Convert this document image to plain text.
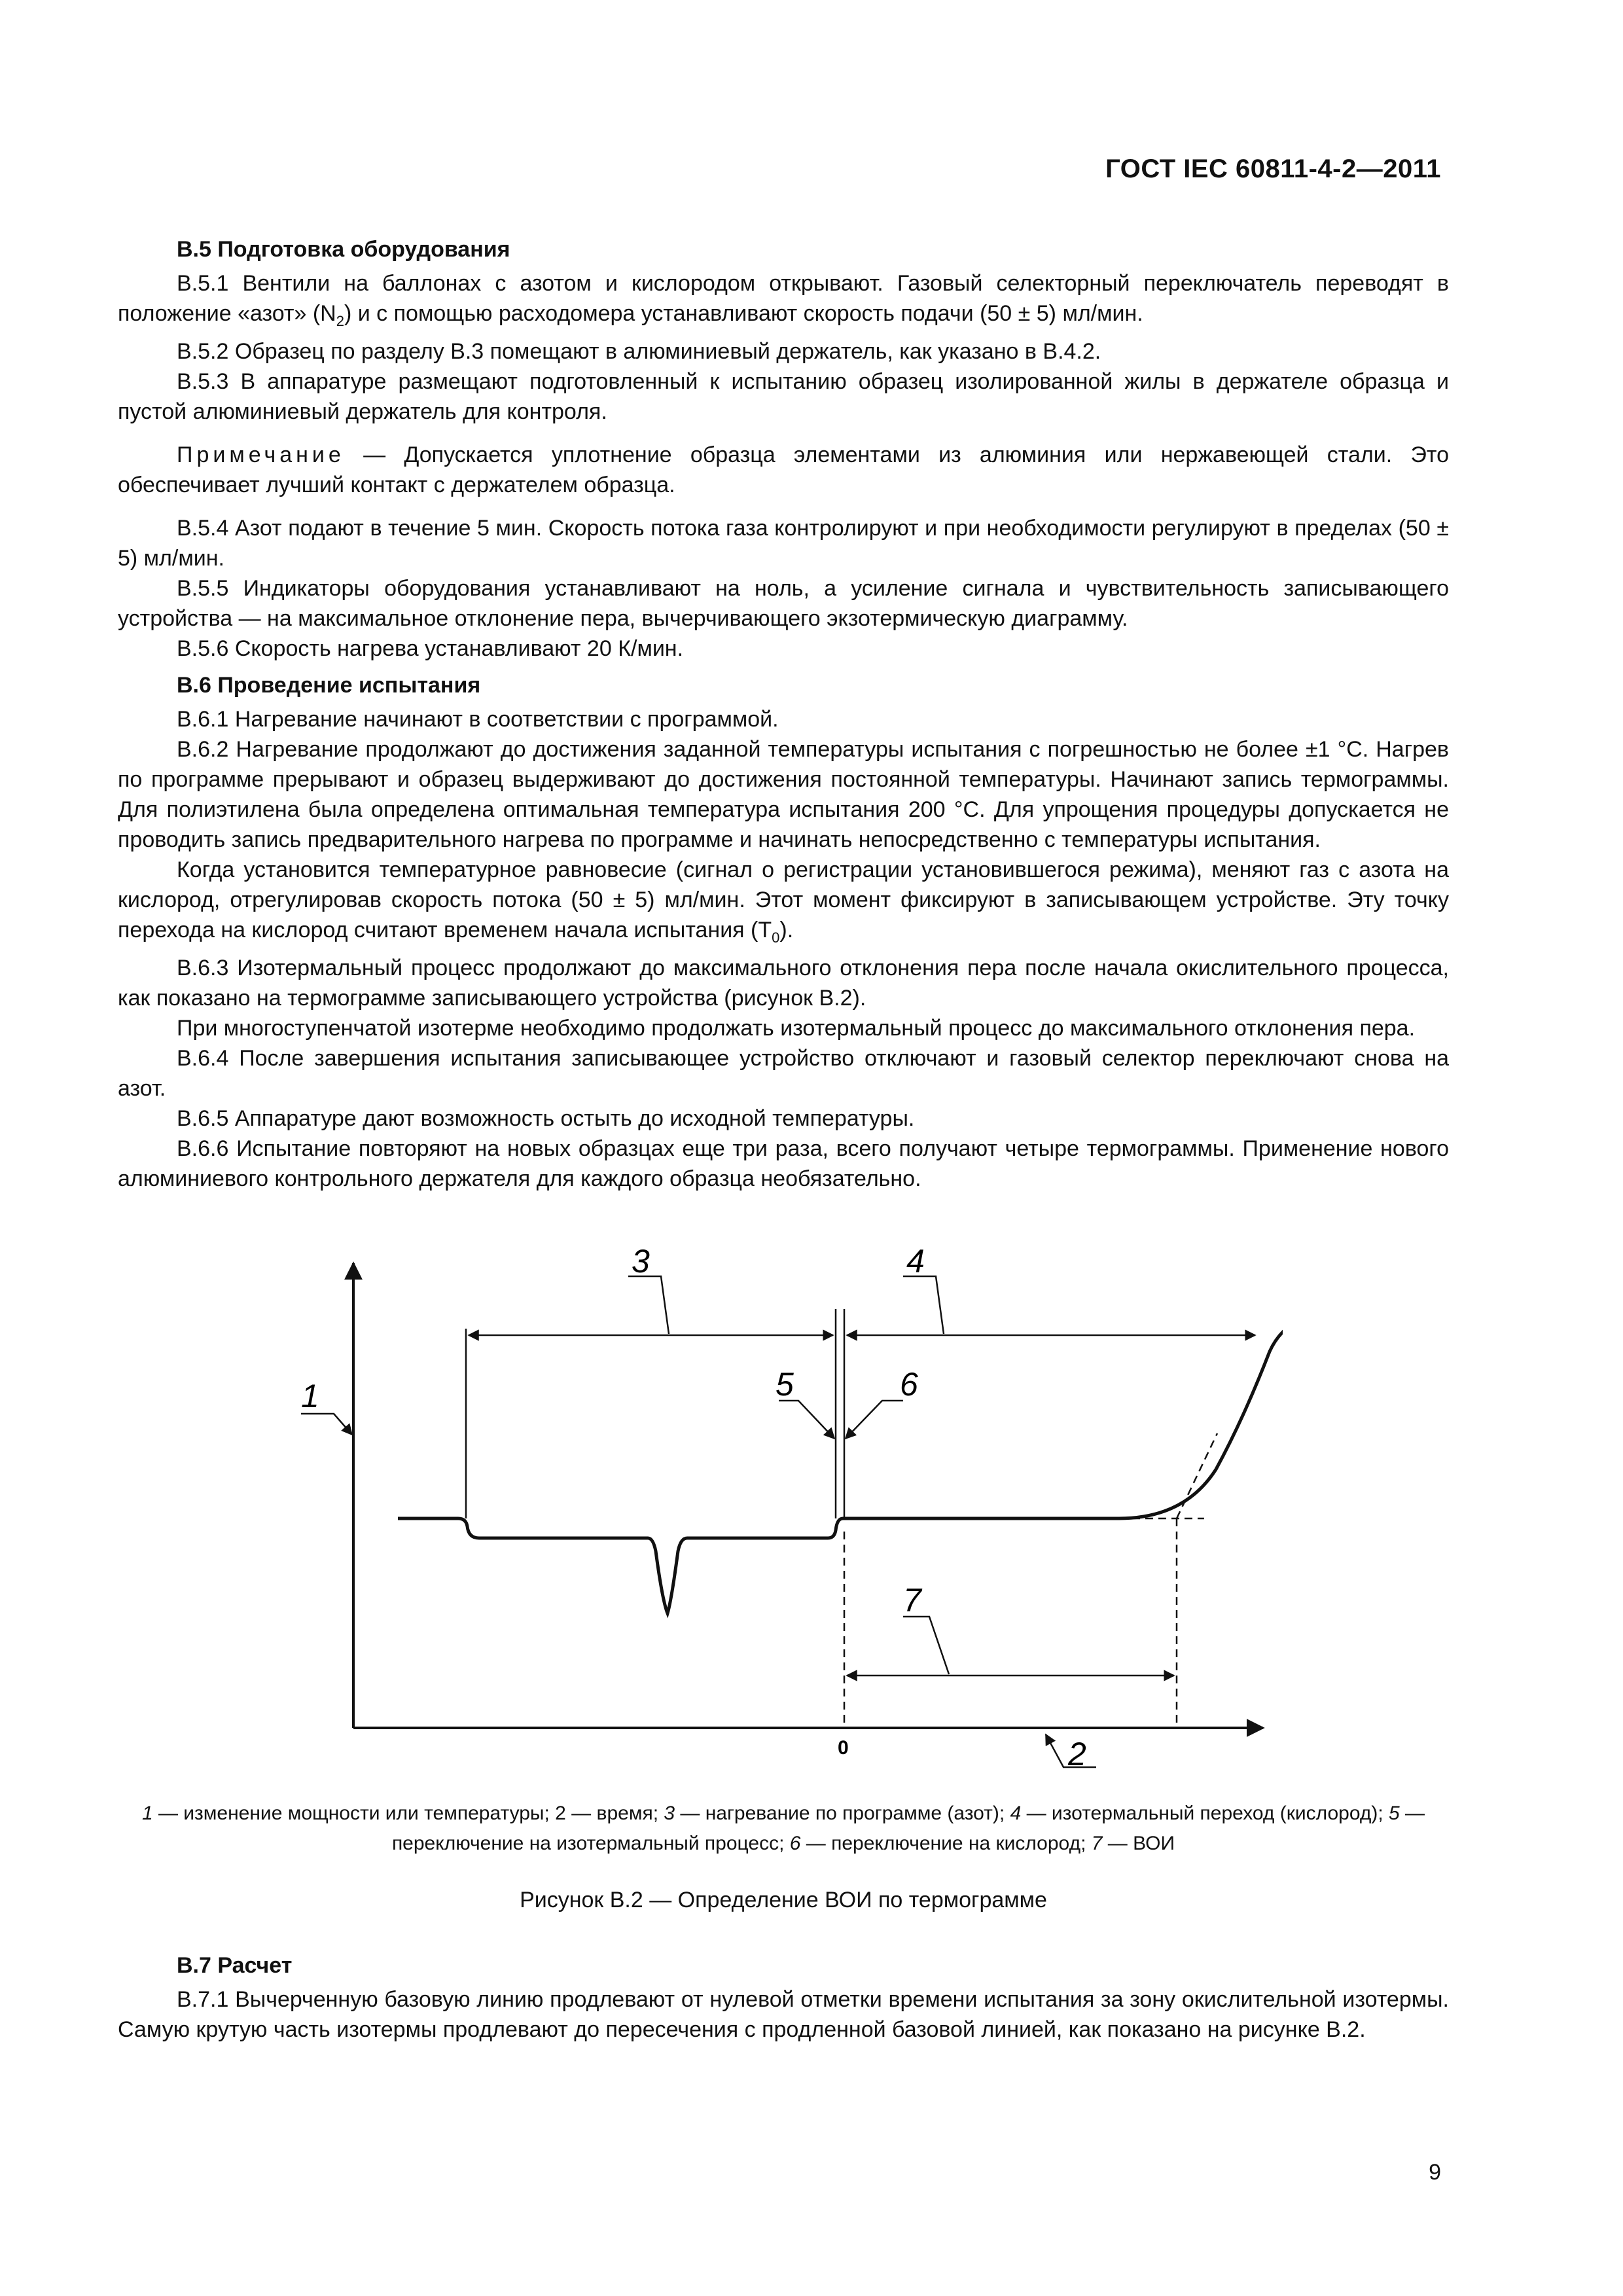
ГОСТ IEC 60811-4-2—2011

В.5 Подготовка оборудования

В.5.1 Вентили на баллонах с азотом и кислородом открывают. Газовый селекторный переключатель переводят в положение «азот» $(N_2)$ и с помощью расходомера устанавливают скорость подачи (50 ± 5) мл/мин.

В.5.2 Образец по разделу В.3 помещают в алюминиевый держатель, как указано в В.4.2.

В.5.3 В аппаратуре размещают подготовленный к испытанию образец изолированной жилы в держателе образца и пустой алюминиевый держатель для контроля.

Примечание — Допускается уплотнение образца элементами из алюминия или нержавеющей стали. Это обеспечивает лучший контакт с держателем образца.

В.5.4 Азот подают в течение 5 мин. Скорость потока газа контролируют и при необходимости регулируют в пределах (50 ± 5) мл/мин.

В.5.5 Индикаторы оборудования устанавливают на ноль, а усиление сигнала и чувствительность записывающего устройства — на максимальное отклонение пера, вычерчивающего экзотермическую диаграмму.

В.5.6 Скорость нагрева устанавливают 20 К/мин.

В.6 Проведение испытания

В.6.1 Нагревание начинают в соответствии с программой.

В.6.2 Нагревание продолжают до достижения заданной температуры испытания с погрешностью не более ±1 °С. Нагрев по программе прерывают и образец выдерживают до достижения постоянной температуры. Начинают запись термограммы. Для полиэтилена была определена оптимальная температура испытания 200 °С. Для упрощения процедуры допускается не проводить запись предварительного нагрева по программе и начинать непосредственно с температуры испытания.

Когда установится температурное равновесие (сигнал о регистрации установившегося режима), меняют газ с азота на кислород, отрегулировав скорость потока (50 ± 5) мл/мин. Этот момент фиксируют в записывающем устройстве. Эту точку перехода на кислород считают временем начала испытания $(T_0)$.

В.6.3 Изотермальный процесс продолжают до максимального отклонения пера после начала окислительного процесса, как показано на термограмме записывающего устройства (рисунок В.2).

При многоступенчатой изотерме необходимо продолжать изотермальный процесс до максимального отклонения пера.

В.6.4 После завершения испытания записывающее устройство отключают и газовый селектор переключают снова на азот.

В.6.5 Аппаратуре дают возможность остыть до исходной температуры.

В.6.6 Испытание повторяют на новых образцах еще три раза, всего получают четыре термограммы. Применение нового алюминиевого контрольного держателя для каждого образца необязательно.

1
2
3	4
5	6
7
0
1 — изменение мощности или температуры; 2 — время; 3 — нагревание по программе (азот); 4 — изотермальный переход (кислород); 5 — переключение на изотермальный процесс; 6 — переключение на кислород; 7 — ВОИ
Рисунок В.2 — Определение ВОИ по термограмме

В.7 Расчет

В.7.1 Вычерченную базовую линию продлевают от нулевой отметки времени испытания за зону окислительной изотермы. Самую крутую часть изотермы продлевают до пересечения с продленной базовой линией, как показано на рисунке В.2.

9
